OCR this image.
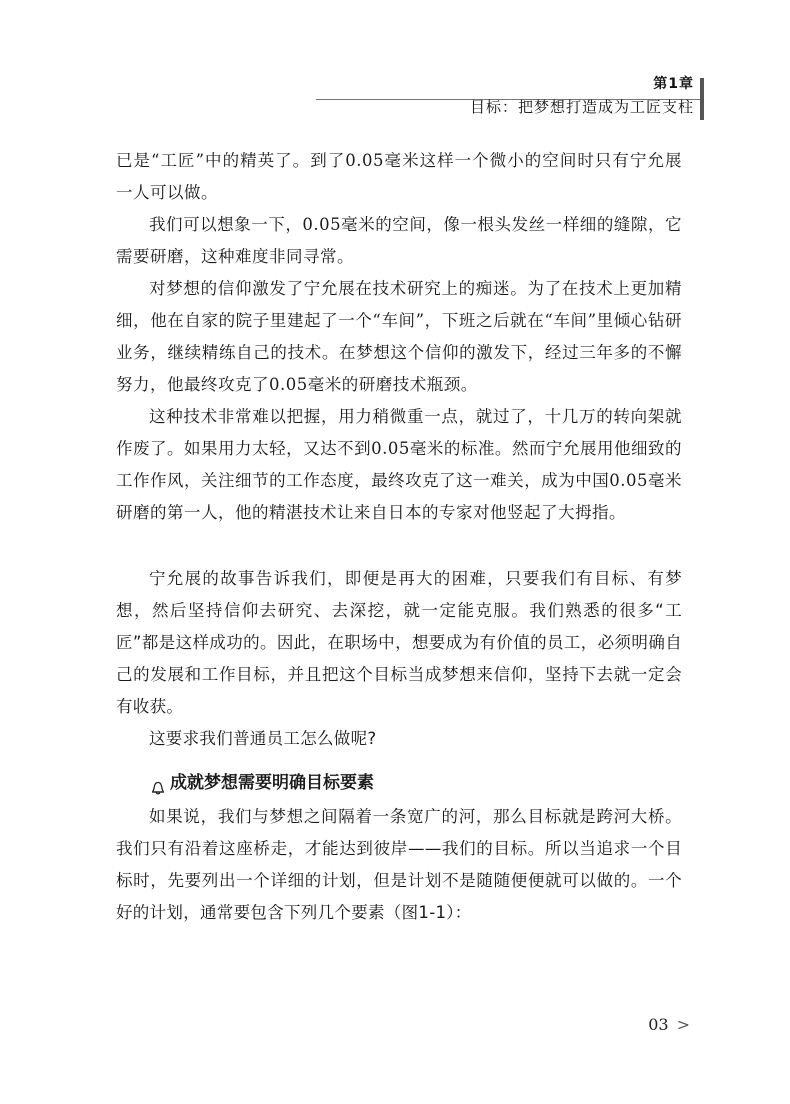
第1章
目标：把梦想打造成为工匠支柱

已是“工匠”中的精英了。到了0.05毫米这样一个微小的空间时只有宁允展一人可以做。

我们可以想象一下，0.05毫米的空间，像一根头发丝一样细的缝隙，它需要研磨，这种难度非同寻常。

对梦想的信仰激发了宁允展在技术研究上的痴迷。为了在技术上更加精细，他在自家的院子里建起了一个“车间”，下班之后就在“车间”里倾心钻研业务，继续精练自己的技术。在梦想这个信仰的激发下，经过三年多的不懈努力，他最终攻克了0.05毫米的研磨技术瓶颈。

这种技术非常难以把握，用力稍微重一点，就过了，十几万的转向架就作废了。如果用力太轻，又达不到0.05毫米的标准。然而宁允展用他细致的工作作风，关注细节的工作态度，最终攻克了这一难关，成为中国0.05毫米研磨的第一人，他的精湛技术让来自日本的专家对他竖起了大拇指。

宁允展的故事告诉我们，即便是再大的困难，只要我们有目标、有梦想，然后坚持信仰去研究、去深挖，就一定能克服。我们熟悉的很多“工匠”都是这样成功的。因此，在职场中，想要成为有价值的员工，必须明确自己的发展和工作目标，并且把这个目标当成梦想来信仰，坚持下去就一定会有收获。

这要求我们普通员工怎么做呢?

成就梦想需要明确目标要素

如果说，我们与梦想之间隔着一条宽广的河，那么目标就是跨河大桥。我们只有沿着这座桥走，才能达到彼岸——我们的目标。所以当追求一个目标时，先要列出一个详细的计划，但是计划不是随随便便就可以做的。一个好的计划，通常要包含下列几个要素（图1-1）：

03 >
